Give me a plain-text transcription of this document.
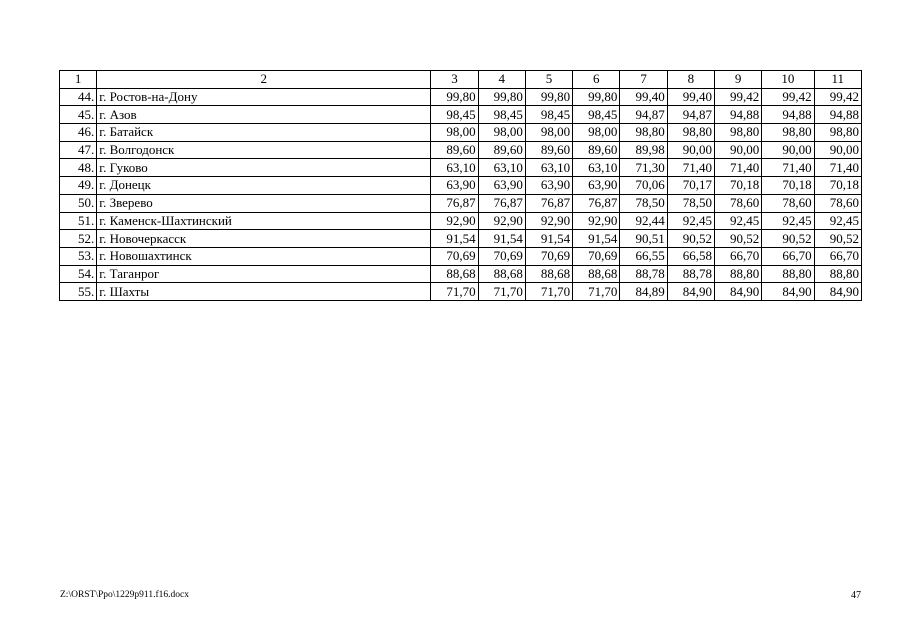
1	2	3	4	5	6	7	8	9	10	11
44.	г. Ростов-на-Дону	99,80	99,80	99,80	99,80	99,40	99,40	99,42	99,42	99,42
45.	г. Азов	98,45	98,45	98,45	98,45	94,87	94,87	94,88	94,88	94,88
46.	г. Батайск	98,00	98,00	98,00	98,00	98,80	98,80	98,80	98,80	98,80
47.	г. Волгодонск	89,60	89,60	89,60	89,60	89,98	90,00	90,00	90,00	90,00
48.	г. Гуково	63,10	63,10	63,10	63,10	71,30	71,40	71,40	71,40	71,40
49.	г. Донецк	63,90	63,90	63,90	63,90	70,06	70,17	70,18	70,18	70,18
50.	г. Зверево	76,87	76,87	76,87	76,87	78,50	78,50	78,60	78,60	78,60
51.	г. Каменск-Шахтинский	92,90	92,90	92,90	92,90	92,44	92,45	92,45	92,45	92,45
52.	г. Новочеркасск	91,54	91,54	91,54	91,54	90,51	90,52	90,52	90,52	90,52
53.	г. Новошахтинск	70,69	70,69	70,69	70,69	66,55	66,58	66,70	66,70	66,70
54.	г. Таганрог	88,68	88,68	88,68	88,68	88,78	88,78	88,80	88,80	88,80
55.	г. Шахты	71,70	71,70	71,70	71,70	84,89	84,90	84,90	84,90	84,90
Z:\ORST\Ppo\1229p911.f16.docx	47
